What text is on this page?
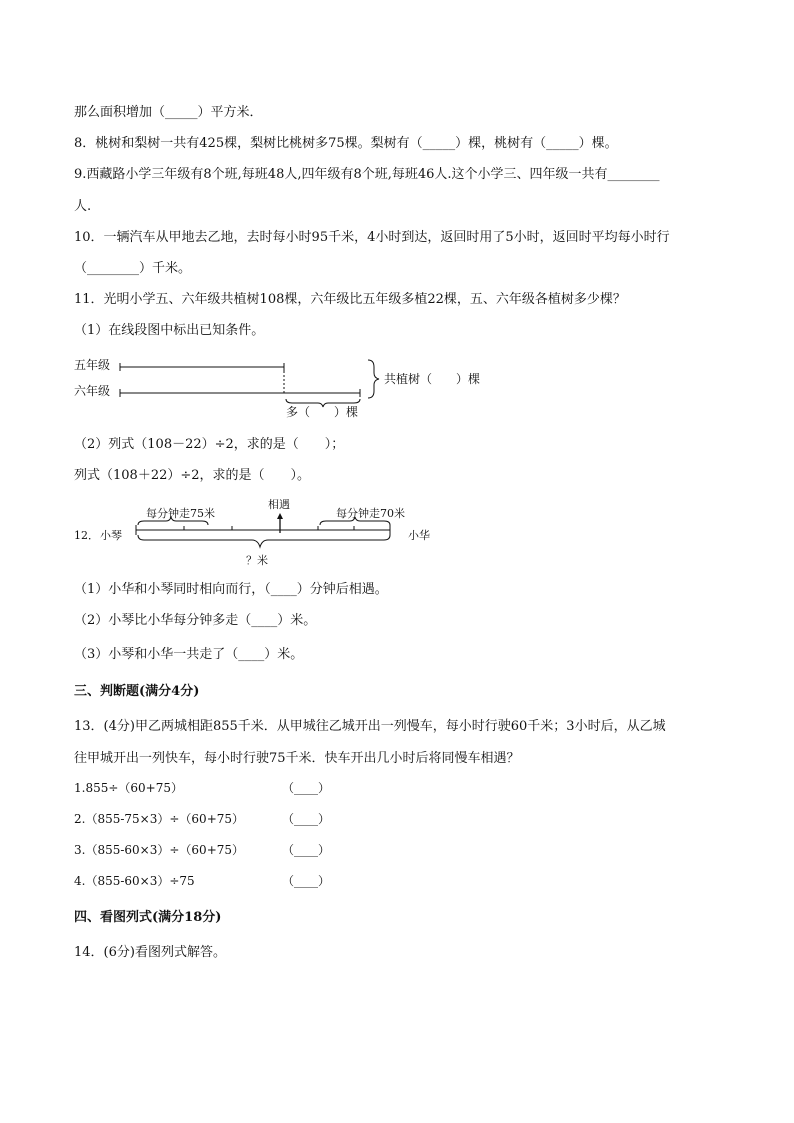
那么面积增加（_____）平方米．
8．桃树和梨树一共有425棵，梨树比桃树多75棵。梨树有（_____）棵，桃树有（_____）棵。
9.西藏路小学三年级有8个班,每班48人,四年级有8个班,每班46人.这个小学三、四年级一共有________
人.
10．一辆汽车从甲地去乙地，去时每小时95千米，4小时到达，返回时用了5小时，返回时平均每小时行
（________）千米。
11．光明小学五、六年级共植树108棵，六年级比五年级多植22棵，五、六年级各植树多少棵？
（1）在线段图中标出已知条件。
五年级
六年级
共植树（　　）棵
多（　　）棵
（2）列式（108－22）÷2，求的是（　　）；
列式（108＋22）÷2，求的是（　　）。
12． 小琴	小华
每分钟走75米	每分钟走70米
相遇
？米
（1）小华和小琴同时相向而行，（____）分钟后相遇。
（2）小琴比小华每分钟多走（____）米。
（3）小琴和小华一共走了（____）米。
三、判断题(满分4分)
13．(4分)甲乙两城相距855千米．从甲城往乙城开出一列慢车，每小时行驶60千米；3小时后，从乙城
往甲城开出一列快车，每小时行驶75千米．快车开出几小时后将同慢车相遇？
1.855÷（60+75）	（____）
2.（855-75×3）÷（60+75）	（____）
3.（855-60×3）÷（60+75）	（____）
4.（855-60×3）÷75	（____）
四、看图列式(满分18分)
14．(6分)看图列式解答。
